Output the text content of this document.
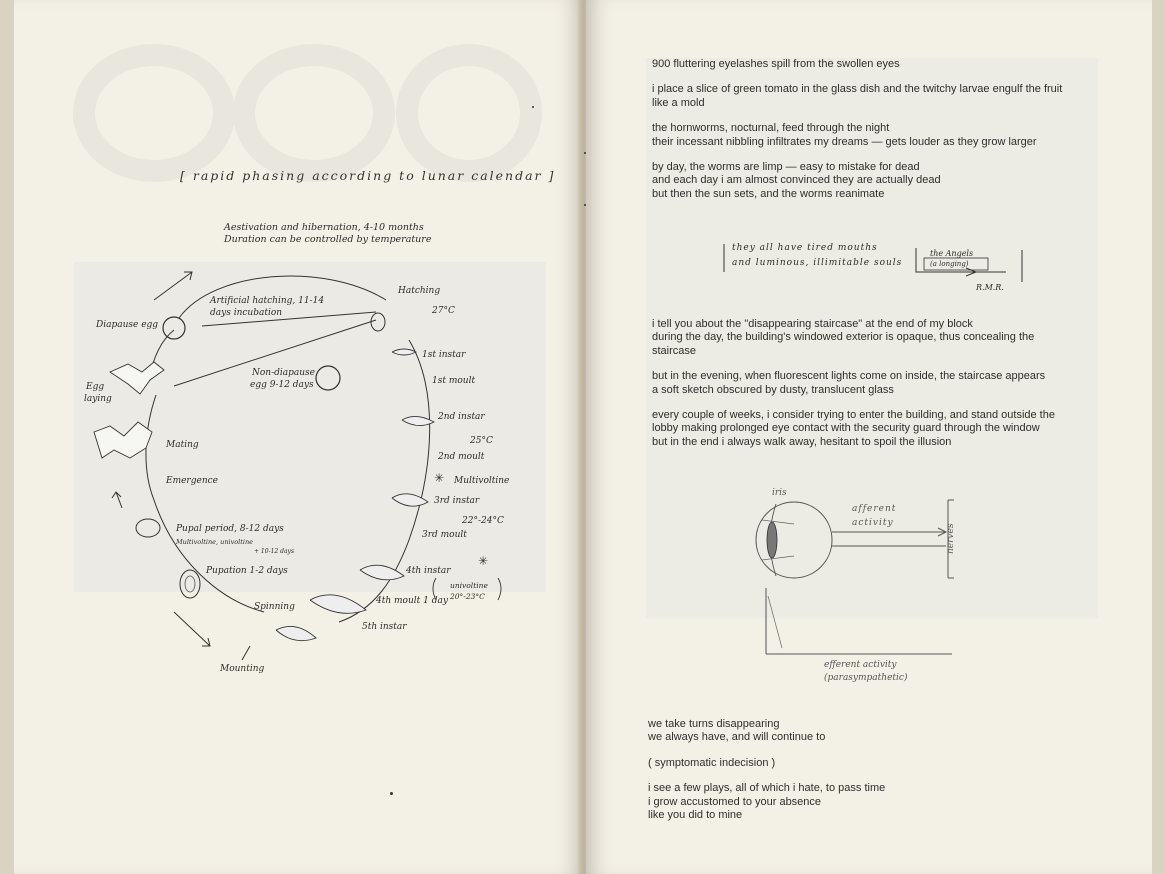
[ rapid phasing according to lunar calendar ]
✳
✳
Aestivation and hibernation, 4-10 months
Duration can be controlled by temperature
Diapause egg
Artificial hatching, 11-14
days incubation
Hatching
27°C
1st instar
1st moult
Non-diapause
egg 9-12 days
Egg
laying
2nd instar
25°C
2nd moult
Mating
Multivoltine
Emergence
3rd instar
22°-24°C
Pupal period, 8-12 days
Multivoltine, univoltine
+ 10-12 days
3rd moult
Pupation 1-2 days	4th instar
univoltine
20°-23°C
Spinning
4th moult 1 day
5th instar
Mounting

900 fluttering eyelashes spill from the swollen eyes

i place a slice of green tomato in the glass dish and the twitchy larvae engulf the fruit

like a mold

the hornworms, nocturnal, feed through the night

their incessant nibbling infiltrates my dreams — gets louder as they grow larger

by day, the worms are limp — easy to mistake for dead

and each day i am almost convinced they are actually dead

but then the sun sets, and the worms reanimate

they all have tired mouths
and luminous, illimitable souls
the Angels
(a longing)
R.M.R.

i tell you about the "disappearing staircase" at the end of my block

during the day, the building's windowed exterior is opaque, thus concealing the

staircase

but in the evening, when fluorescent lights come on inside, the staircase appears

a soft sketch obscured by dusty, translucent glass

every couple of weeks, i consider trying to enter the building, and stand outside the

lobby making prolonged eye contact with the security guard through the window

but in the end i always walk away, hesitant to spoil the illusion

iris
afferent
activity
nerves
efferent activity
(parasympathetic)

we take turns disappearing

we always have, and will continue to

( symptomatic indecision )

i see a few plays, all of which i hate, to pass time

i grow accustomed to your absence

like you did to mine
